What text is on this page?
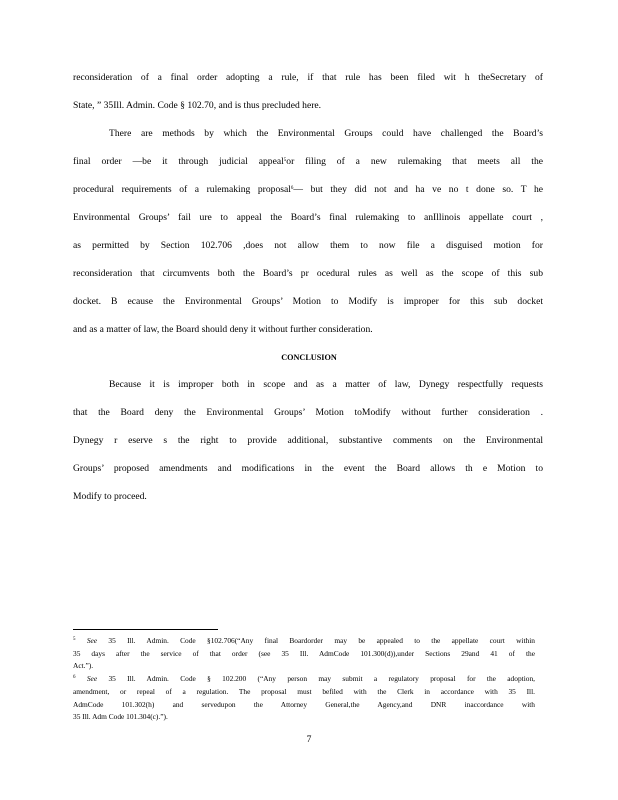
reconsideration of a final order adopting a rule, if that rule has been filed wit h theSecretary of
State, ” 35Ill. Admin. Code § 102.70, and is thus precluded here.
There are methods by which the Environmental Groups could have challenged the Board’s
final order —be it through judicial appeal$^5$or filing of a new rulemaking that meets all the
procedural requirements of a rulemaking proposal$^6$— but they did not and ha ve no t done so. T he
Environmental Groups’ fail ure to appeal the Board’s final rulemaking to anIllinois appellate court ,
as permitted by Section 102.706 ,does not allow them to now file a disguised motion for
reconsideration that circumvents both the Board’s pr ocedural rules as well as the scope of this sub
docket. B ecause the Environmental Groups’ Motion to Modify is improper for this sub docket
and as a matter of law, the Board should deny it without further consideration.
CONCLUSION
Because it is improper both in scope and as a matter of law, Dynegy respectfully requests
that the Board deny the Environmental Groups’ Motion toModify without further consideration .
Dynegy r eserve s the right to provide additional, substantive comments on the Environmental
Groups’ proposed amendments and modifications in the event the Board allows th e Motion to
Modify to proceed.
$^5$ See 35 Ill. Admin. Code §102.706(“Any final Boardorder may be appealed to the appellate court within
35 days after the service of that order (see 35 Ill. AdmCode 101.300(d)),under Sections 29and 41 of the
Act.”).
$^6$ See 35 Ill. Admin. Code § 102.200 (“Any person may submit a regulatory proposal for the adoption,
amendment, or repeal of a regulation. The proposal must befiled with the Clerk in accordance with 35 Ill.
AdmCode 101.302(h) and servedupon the Attorney General,the Agency,and DNR inaccordance with
35 Ill. Adm Code 101.304(c).”).
7
